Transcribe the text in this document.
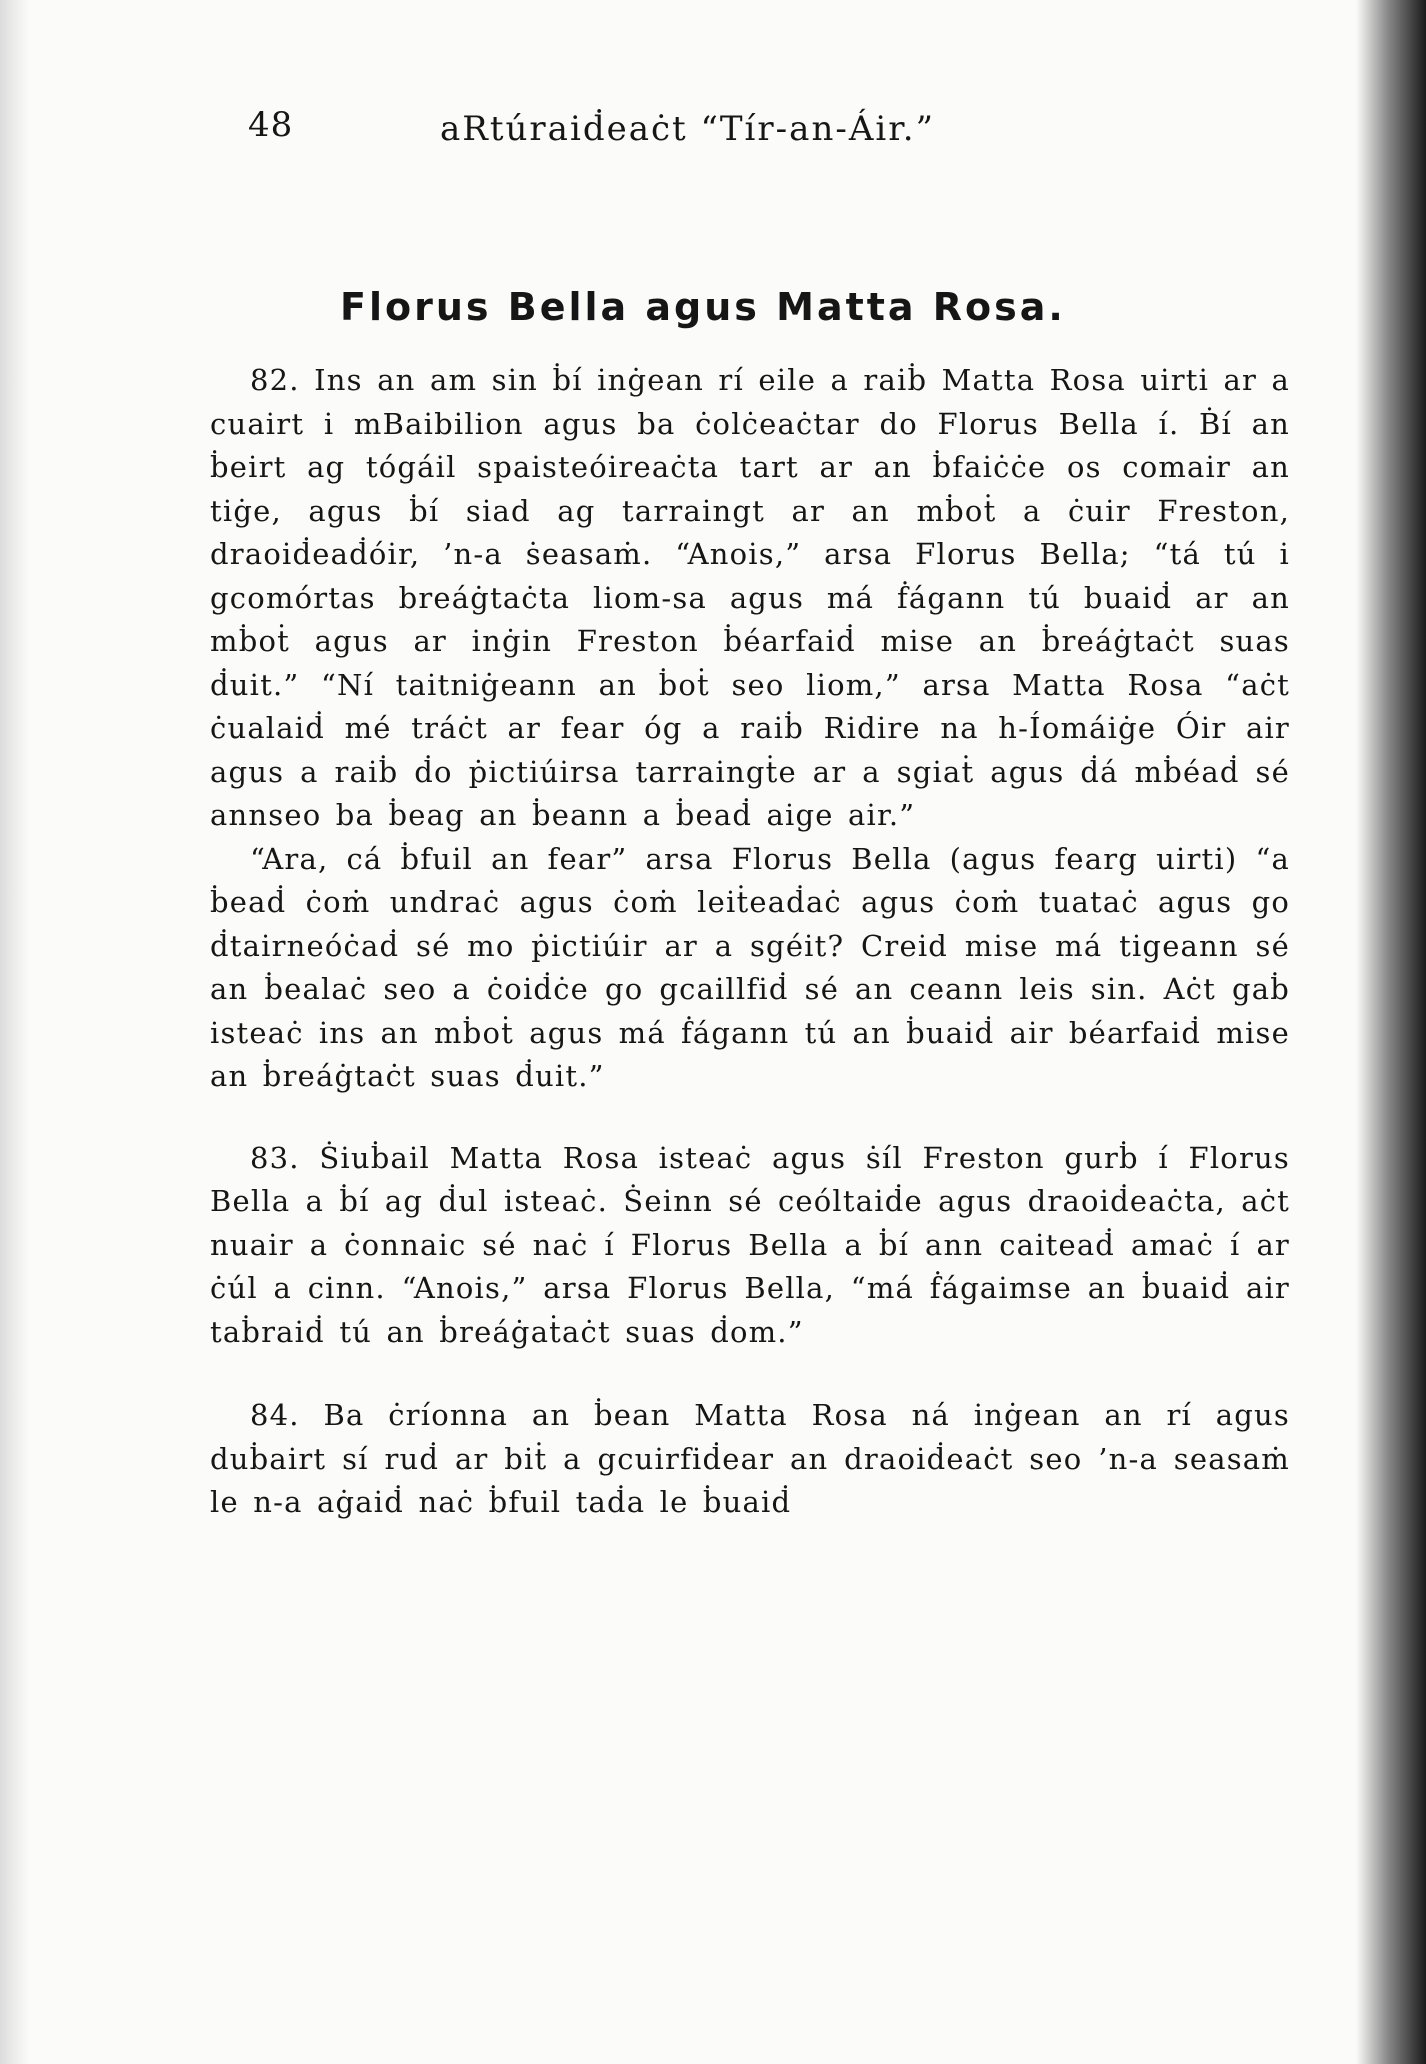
48	aRtúraiḋeaċt “Tír-an-Áir.”
Florus Bella agus Matta Rosa.

82. Ins an am sin ḃí inġean rí eile a raiḃ Matta Rosa uirti ar a cuairt i mBaibilion agus ba ċolċeaċtar do Florus Bella í. Ḃí an ḃeirt ag tógáil spaisteóireaċta tart ar an ḃfaiċċe os comair an tiġe, agus ḃí siad ag tarraingt ar an mḃoṫ a ċuir Freston, draoiḋeaḋóir, ’n-a ṡeasaṁ. “Anois,” arsa Florus Bella; “tá tú i gcomórtas breáġtaċta liom-sa agus má ḟágann tú buaiḋ ar an mḃoṫ agus ar inġin Freston ḃéarfaiḋ mise an ḃreáġtaċt suas ḋuit.” “Ní taitniġeann an ḃoṫ seo liom,” arsa Matta Rosa “aċt ċualaiḋ mé tráċt ar fear óg a raiḃ Ridire na h-Íomáiġe Óir air agus a raiḃ ḋo ṗictiúirsa tarraingṫe ar a sgiaṫ agus ḋá mḃéaḋ sé annseo ba ḃeag an ḃeann a ḃeaḋ aige air.”

“Ara, cá ḃfuil an fear” arsa Florus Bella (agus fearg uirti) “a ḃeaḋ ċoṁ undraċ agus ċoṁ leiṫeaḋaċ agus ċoṁ tuataċ agus go ḋtairneóċaḋ sé mo ṗictiúir ar a sgéit? Creid mise má tigeann sé an ḃealaċ seo a ċoiḋċe go gcaillfiḋ sé an ceann leis sin. Aċt gaḃ isteaċ ins an mḃoṫ agus má ḟágann tú an ḃuaiḋ air béarfaiḋ mise an ḃreáġtaċt suas ḋuit.”

83. Ṡiuḃail Matta Rosa isteaċ agus ṡíl Freston gurḃ í Florus Bella a ḃí ag ḋul isteaċ. Ṡeinn sé ceóltaiḋe agus draoiḋeaċta, aċt nuair a ċonnaic sé naċ í Florus Bella a ḃí ann caiteaḋ amaċ í ar ċúl a cinn. “Anois,” arsa Florus Bella, “má ḟágaimse an ḃuaiḋ air taḃraiḋ tú an ḃreáġaṫaċt suas ḋom.”

84. Ba ċríonna an ḃean Matta Rosa ná inġean an rí agus duḃairt sí ruḋ ar biṫ a gcuirfiḋear an draoiḋeaċt seo ’n-a seasaṁ le n-a aġaiḋ naċ ḃfuil taḋa le ḃuaiḋ
